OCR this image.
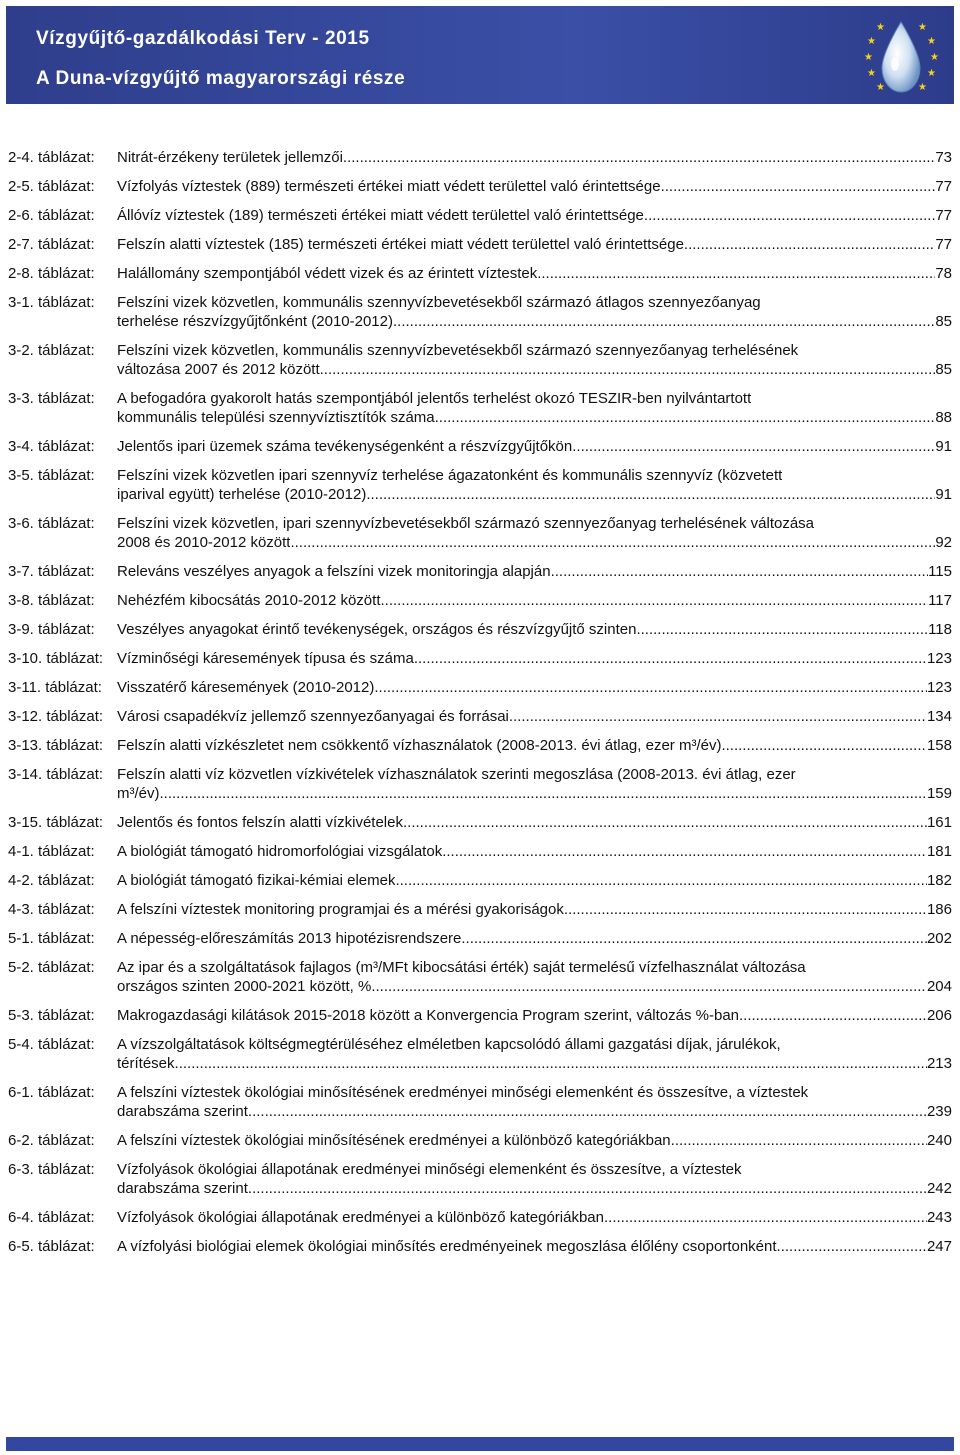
Vízgyűjtő-gazdálkodási Terv - 2015
A Duna-vízgyűjtő magyarországi része
★
★
★
★
★
★
★
★
★
★
2-4. táblázat: Nitrát-érzékeny területek jellemzői .....	73
2-5. táblázat: Vízfolyás víztestek (889) természeti értékei miatt védett területtel való érintettsége .....	77
2-6. táblázat: Állóvíz víztestek (189) természeti értékei miatt védett területtel való érintettsége .....	77
2-7. táblázat: Felszín alatti víztestek (185) természeti értékei miatt védett területtel való érintettsége .....	77
2-8. táblázat: Halállomány szempontjából védett vizek és az érintett víztestek .....	78
3-1. táblázat: Felszíni vizek közvetlen, kommunális szennyvízbevetésekből származó átlagos szennyezőanyag
terhelése részvízgyűjtőnként (2010-2012) .....	85
3-2. táblázat: Felszíni vizek közvetlen, kommunális szennyvízbevetésekből származó szennyezőanyag terhelésének
változása 2007 és 2012 között .....	85
3-3. táblázat: A befogadóra gyakorolt hatás szempontjából jelentős terhelést okozó TESZIR-ben nyilvántartott
kommunális települési szennyvíztisztítók száma .....	88
3-4. táblázat: Jelentős ipari üzemek száma tevékenységenként a részvízgyűjtőkön .....	91
3-5. táblázat: Felszíni vizek közvetlen ipari szennyvíz terhelése ágazatonként és kommunális szennyvíz (közvetett
iparival együtt) terhelése (2010-2012) .....	91
3-6. táblázat: Felszíni vizek közvetlen, ipari szennyvízbevetésekből származó szennyezőanyag terhelésének változása
2008 és 2010-2012 között .....	92
3-7. táblázat: Releváns veszélyes anyagok a felszíni vizek monitoringja alapján .....	115
3-8. táblázat: Nehézfém kibocsátás 2010-2012 között .....	117
3-9. táblázat: Veszélyes anyagokat érintő tevékenységek, országos és részvízgyűjtő szinten .....	118
3-10. táblázat: Vízminőségi káresemények típusa és száma .....	123
3-11. táblázat: Visszatérő káresemények (2010-2012) .....	123
3-12. táblázat: Városi csapadékvíz jellemző szennyezőanyagai és forrásai .....	134
3-13. táblázat: Felszín alatti vízkészletet nem csökkentő vízhasználatok (2008-2013. évi átlag, ezer m³/év) .....	158
3-14. táblázat: Felszín alatti víz közvetlen vízkivételek vízhasználatok szerinti megoszlása (2008-2013. évi átlag, ezer
m³/év) .....	159
3-15. táblázat: Jelentős és fontos felszín alatti vízkivételek .....	161
4-1. táblázat: A biológiát támogató hidromorfológiai vizsgálatok .....	181
4-2. táblázat: A biológiát támogató fizikai-kémiai elemek .....	182
4-3. táblázat: A felszíni víztestek monitoring programjai és a mérési gyakoriságok .....	186
5-1. táblázat: A népesség-előreszámítás 2013 hipotézisrendszere .....	202
5-2. táblázat: Az ipar és a szolgáltatások fajlagos (m³/MFt kibocsátási érték) saját termelésű vízfelhasználat változása
országos szinten 2000-2021 között, % .....	204
5-3. táblázat: Makrogazdasági kilátások 2015-2018 között a Konvergencia Program szerint, változás %-ban .....	206
5-4. táblázat: A vízszolgáltatások költségmegtérüléséhez elméletben kapcsolódó állami gazgatási díjak, járulékok,
térítések .....	213
6-1. táblázat: A felszíni víztestek ökológiai minősítésének eredményei minőségi elemenként és összesítve, a víztestek
darabszáma szerint .....	239
6-2. táblázat: A felszíni víztestek ökológiai minősítésének eredményei a különböző kategóriákban .....	240
6-3. táblázat: Vízfolyások ökológiai állapotának eredményei minőségi elemenként és összesítve, a víztestek
darabszáma szerint .....	242
6-4. táblázat: Vízfolyások ökológiai állapotának eredményei a különböző kategóriákban .....	243
6-5. táblázat: A vízfolyási biológiai elemek ökológiai minősítés eredményeinek megoszlása élőlény csoportonként .....	247
